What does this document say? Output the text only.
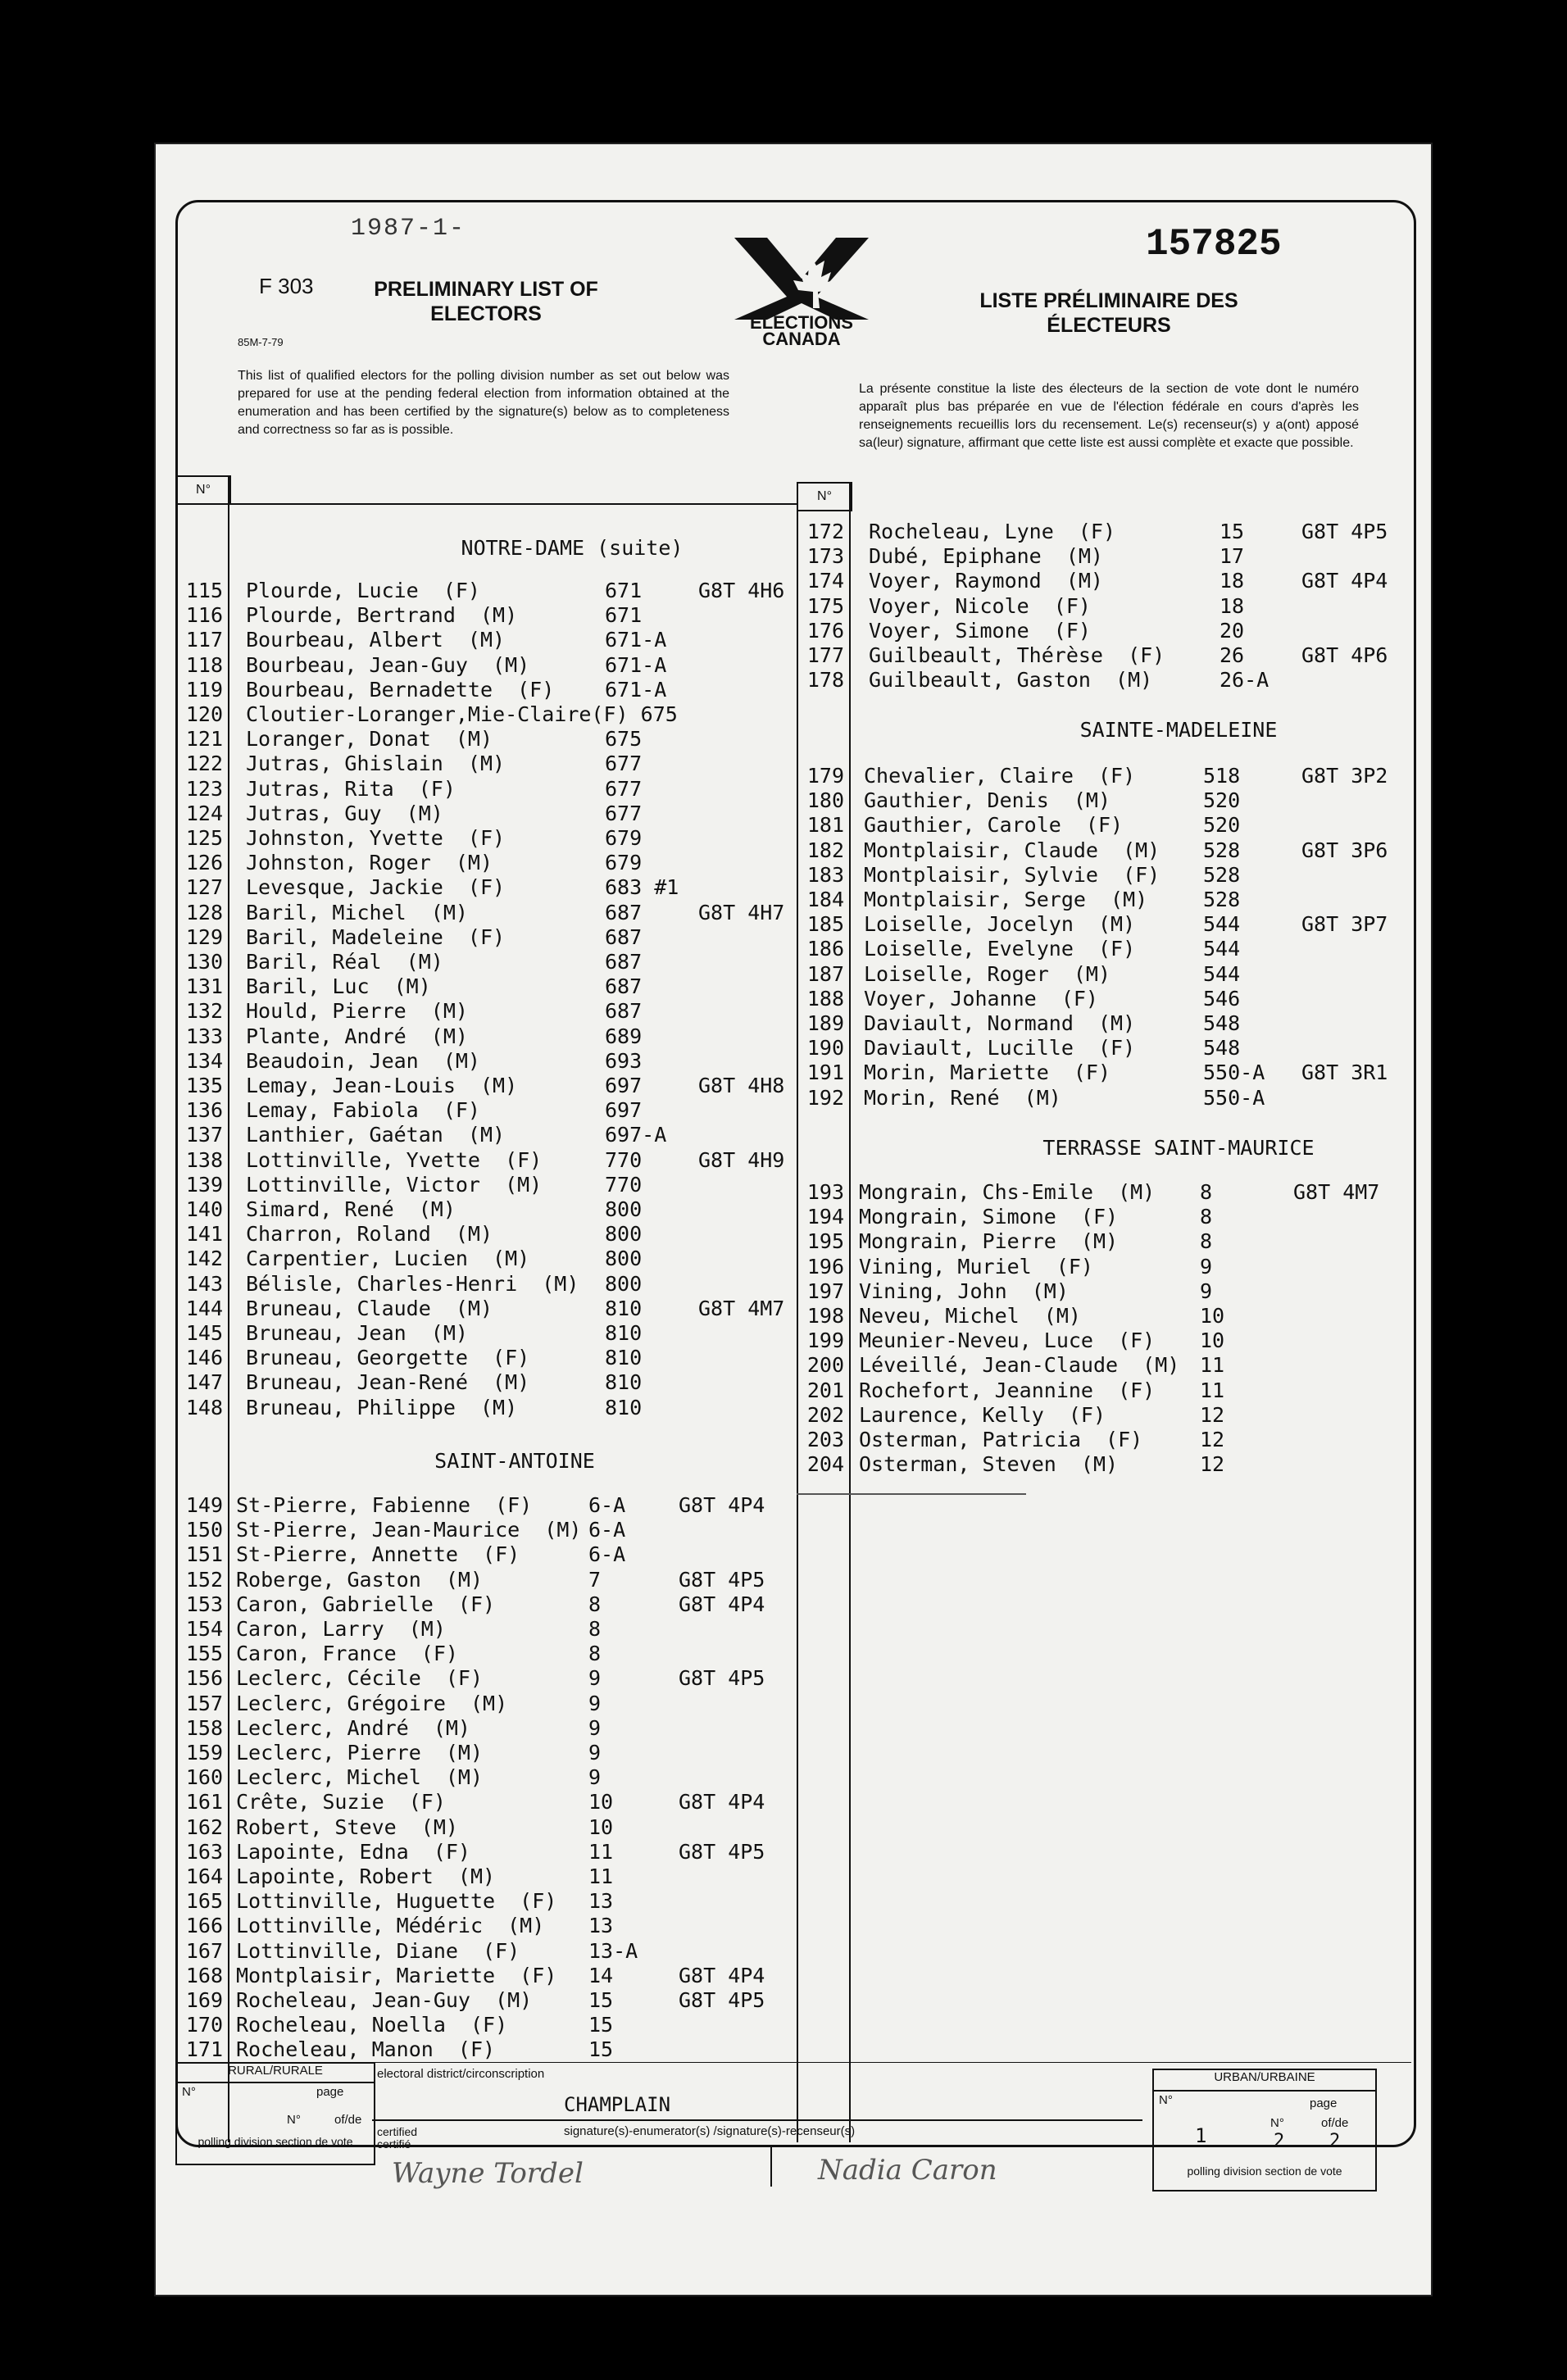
1987-1-	157825
F 303
85M-7-79
PRELIMINARY LIST OF ELECTORS
LISTE PRÉLIMINAIRE DES ÉLECTEURS
ELECTIONS
CANADA
This list of qualified electors for the polling division number as set out below was prepared for use at the pending federal election from information obtained at the enumeration and has been certified by the signature(s) below as to completeness and correctness so far as is possible.
La présente constitue la liste des électeurs de la section de vote dont le numéro apparaît plus bas préparée en vue de l'élection fédérale en cours d'après les renseignements recueillis lors du recensement. Le(s) recenseur(s) y a(ont) apposé sa(leur) signature, affirmant que cette liste est aussi complète et exacte que possible.
N°	N°
NOTRE-DAME (suite)
115 Plourde, Lucie  (F)	671	G8T 4H6
116 Plourde, Bertrand  (M)	671
117 Bourbeau, Albert  (M)	671-A
118 Bourbeau, Jean-Guy  (M)	671-A
119 Bourbeau, Bernadette  (F) 671-A
120 Cloutier-Loranger,Mie-Claire(F) 675
121 Loranger, Donat  (M)	675
122 Jutras, Ghislain  (M)	677
123 Jutras, Rita  (F)	677
124 Jutras, Guy  (M)	677
125 Johnston, Yvette  (F)	679
126 Johnston, Roger  (M)	679
127 Levesque, Jackie  (F)	683 #1
128 Baril, Michel  (M)	687	G8T 4H7
129 Baril, Madeleine  (F)	687
130 Baril, Réal  (M)	687
131 Baril, Luc  (M)	687
132 Hould, Pierre  (M)	687
133 Plante, André  (M)	689
134 Beaudoin, Jean  (M)	693
135 Lemay, Jean-Louis  (M)	697	G8T 4H8
136 Lemay, Fabiola  (F)	697
137 Lanthier, Gaétan  (M)	697-A
138 Lottinville, Yvette  (F)	770	G8T 4H9
139 Lottinville, Victor  (M)	770
140 Simard, René  (M)	800
141 Charron, Roland  (M)	800
142 Carpentier, Lucien  (M)	800
143 Bélisle, Charles-Henri  (M) 800
144 Bruneau, Claude  (M)	810	G8T 4M7
145 Bruneau, Jean  (M)	810
146 Bruneau, Georgette  (F)	810
147 Bruneau, Jean-René  (M)	810
148 Bruneau, Philippe  (M)	810
SAINT-ANTOINE
149 St-Pierre, Fabienne  (F)	6-A	G8T 4P4
150 St-Pierre, Jean-Maurice  (M) 6-A
151 St-Pierre, Annette  (F)	6-A
152 Roberge, Gaston  (M)	7	G8T 4P5
153 Caron, Gabrielle  (F)	8	G8T 4P4
154 Caron, Larry  (M)	8
155 Caron, France  (F)	8
156 Leclerc, Cécile  (F)	9	G8T 4P5
157 Leclerc, Grégoire  (M)	9
158 Leclerc, André  (M)	9
159 Leclerc, Pierre  (M)	9
160 Leclerc, Michel  (M)	9
161 Crête, Suzie  (F)	10	G8T 4P4
162 Robert, Steve  (M)	10
163 Lapointe, Edna  (F)	11	G8T 4P5
164 Lapointe, Robert  (M)	11
165 Lottinville, Huguette  (F) 13
166 Lottinville, Médéric  (M) 13
167 Lottinville, Diane  (F)	13-A
168 Montplaisir, Mariette  (F) 14	G8T 4P4
169 Rocheleau, Jean-Guy  (M)	15	G8T 4P5
170 Rocheleau, Noella  (F)	15
171 Rocheleau, Manon  (F)	15
172 Rocheleau, Lyne  (F)	15	G8T 4P5
173 Dubé, Epiphane  (M)	17
174 Voyer, Raymond  (M)	18	G8T 4P4
175 Voyer, Nicole  (F)	18
176 Voyer, Simone  (F)	20
177 Guilbeault, Thérèse  (F)	26	G8T 4P6
178 Guilbeault, Gaston  (M)	26-A
SAINTE-MADELEINE
179 Chevalier, Claire  (F)	518	G8T 3P2
180 Gauthier, Denis  (M)	520
181 Gauthier, Carole  (F)	520
182 Montplaisir, Claude  (M) 528	G8T 3P6
183 Montplaisir, Sylvie  (F) 528
184 Montplaisir, Serge  (M)	528
185 Loiselle, Jocelyn  (M)	544	G8T 3P7
186 Loiselle, Evelyne  (F)	544
187 Loiselle, Roger  (M)	544
188 Voyer, Johanne  (F)	546
189 Daviault, Normand  (M)	548
190 Daviault, Lucille  (F)	548
191 Morin, Mariette  (F)	550-A G8T 3R1
192 Morin, René  (M)	550-A
TERRASSE SAINT-MAURICE
193 Mongrain, Chs-Emile  (M) 8	G8T 4M7
194 Mongrain, Simone  (F)	8
195 Mongrain, Pierre  (M)	8
196 Vining, Muriel  (F)	9
197 Vining, John  (M)	9
198 Neveu, Michel  (M)	10
199 Meunier-Neveu, Luce  (F) 10
200 Léveillé, Jean-Claude  (M) 11
201 Rochefort, Jeannine  (F) 11
202 Laurence, Kelly  (F)	12
203 Osterman, Patricia  (F)	12
204 Osterman, Steven  (M)	12
RURAL/RURALE
N°	page
N°	of/de
polling division section de vote
electoral district/circonscription
CHAMPLAIN
certified certifié
signature(s)-enumerator(s) /signature(s)-recenseur(s)
Wayne Tordel	Nadia Caron
URBAN/URBAINE
N°	page
1
N°
2
of/de
2
polling division section de vote
